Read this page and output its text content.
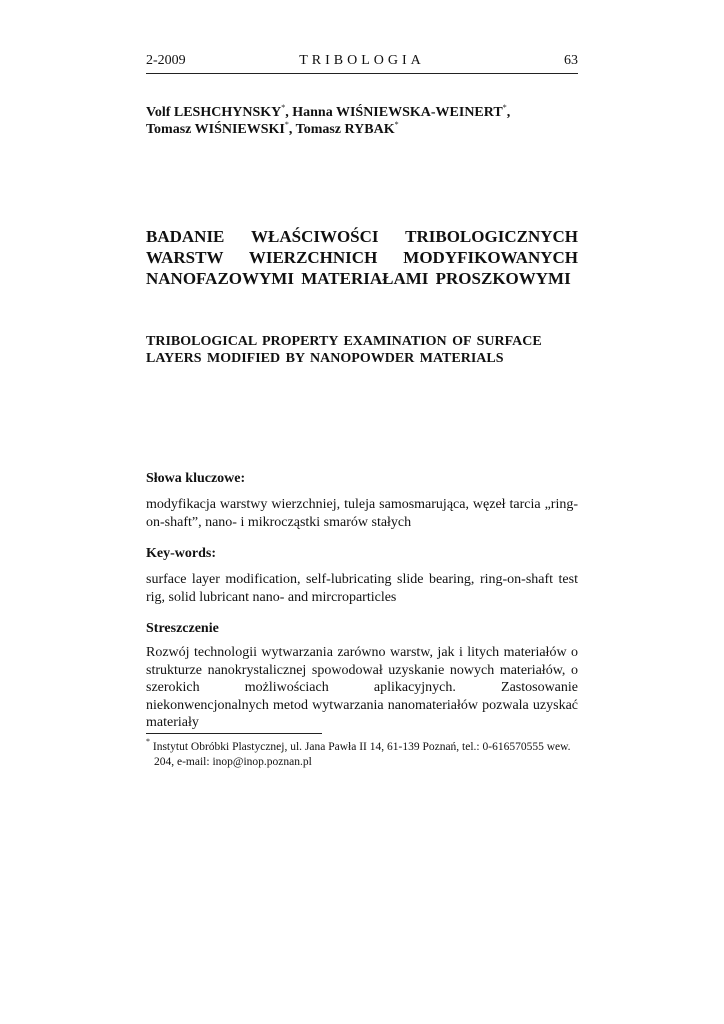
2-2009	TRIBOLOGIA	63
Volf LESHCHYNSKY*, Hanna WIŚNIEWSKA-WEINERT*,
Tomasz WIŚNIEWSKI*, Tomasz RYBAK*
BADANIE WŁAŚCIWOŚCI TRIBOLOGICZNYCH WARSTW WIERZCHNICH MODYFIKOWANYCH NANOFAZOWYMI MATERIAŁAMI PROSZKOWYMI
TRIBOLOGICAL PROPERTY EXAMINATION OF SURFACE LAYERS MODIFIED BY NANOPOWDER MATERIALS
Słowa kluczowe:
modyfikacja warstwy wierzchniej, tuleja samosmarująca, węzeł tarcia „ring-on-shaft”, nano- i mikrocząstki smarów stałych
Key-words:
surface layer modification, self-lubricating slide bearing, ring-on-shaft test rig, solid lubricant nano- and mircroparticles
Streszczenie
Rozwój technologii wytwarzania zarówno warstw, jak i litych materiałów o strukturze nanokrystalicznej spowodował uzyskanie nowych materiałów, o szerokich możliwościach aplikacyjnych. Zastosowanie niekonwencjonalnych metod wytwarzania nanomateriałów pozwala uzyskać materiały
* Instytut Obróbki Plastycznej, ul. Jana Pawła II 14, 61-139 Poznań, tel.: 0-616570555 wew. 204, e-mail: inop@inop.poznan.pl
